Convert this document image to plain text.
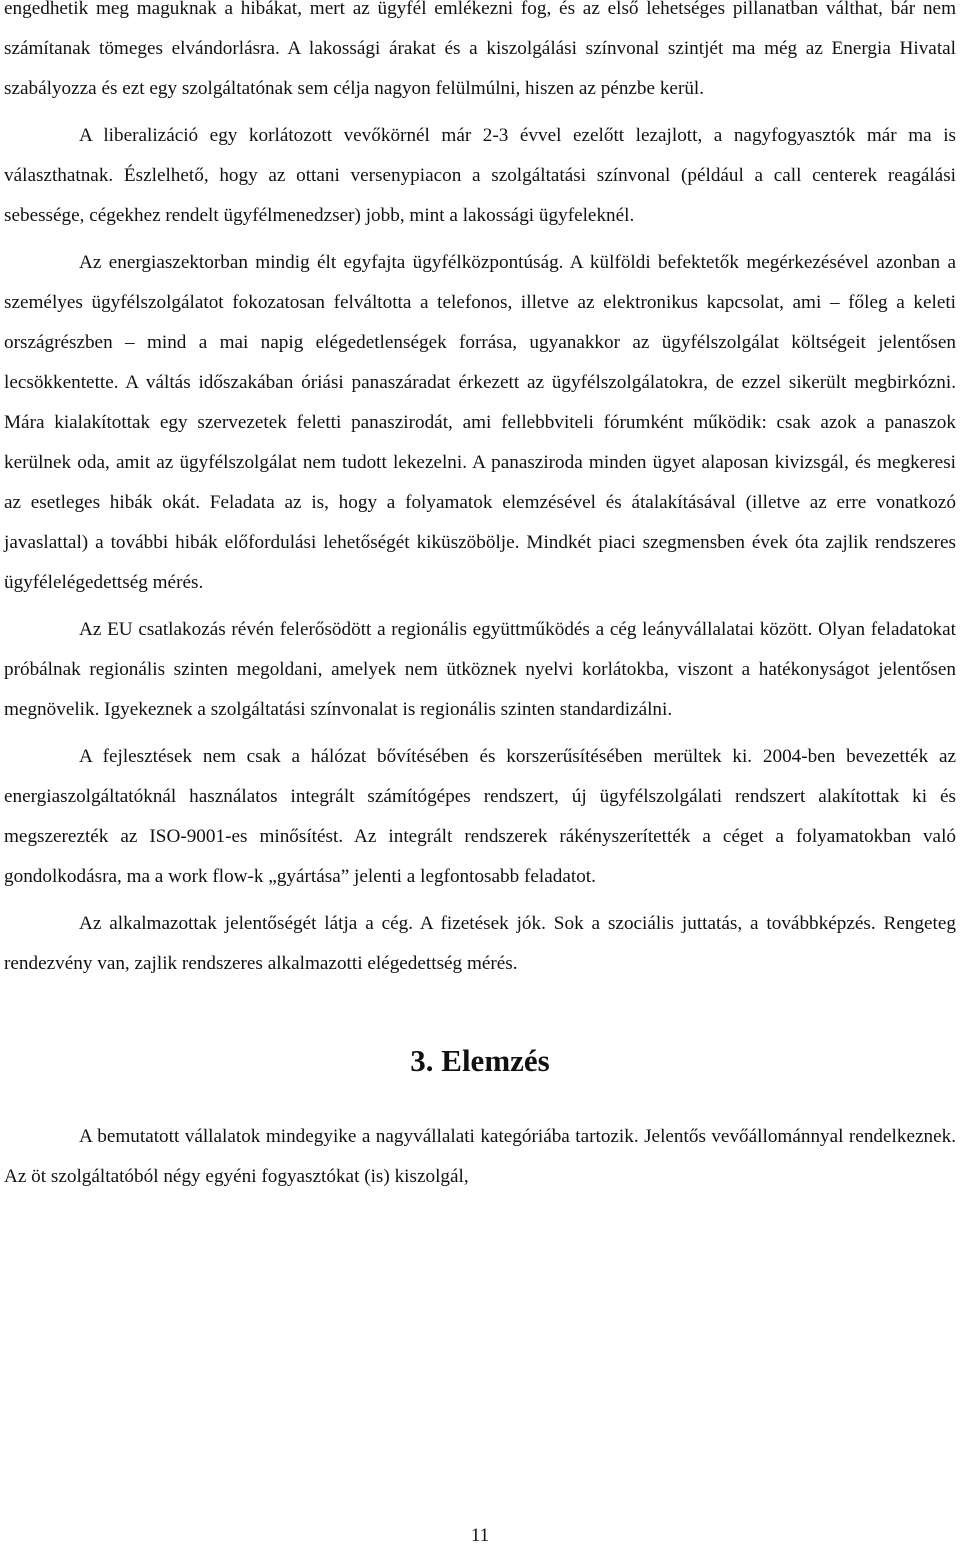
engedhetik meg maguknak a hibákat, mert az ügyfél emlékezni fog, és az első lehetséges pillanatban válthat, bár nem számítanak tömeges elvándorlásra. A lakossági árakat és a kiszolgálási színvonal szintjét ma még az Energia Hivatal szabályozza és ezt egy szolgáltatónak sem célja nagyon felülmúlni, hiszen az pénzbe kerül.

A liberalizáció egy korlátozott vevőkörnél már 2-3 évvel ezelőtt lezajlott, a nagyfogyasztók már ma is választhatnak. Észlelhető, hogy az ottani versenypiacon a szolgáltatási színvonal (például a call centerek reagálási sebessége, cégekhez rendelt ügyfélmenedzser) jobb, mint a lakossági ügyfeleknél.

Az energiaszektorban mindig élt egyfajta ügyfélközpontúság. A külföldi befektetők megérkezésével azonban a személyes ügyfélszolgálatot fokozatosan felváltotta a telefonos, illetve az elektronikus kapcsolat, ami – főleg a keleti országrészben – mind a mai napig elégedetlenségek forrása, ugyanakkor az ügyfélszolgálat költségeit jelentősen lecsökkentette. A váltás időszakában óriási panaszáradat érkezett az ügyfélszolgálatokra, de ezzel sikerült megbirkózni. Mára kialakítottak egy szervezetek feletti panaszirodát, ami fellebbviteli fórumként működik: csak azok a panaszok kerülnek oda, amit az ügyfélszolgálat nem tudott lekezelni. A panasziroda minden ügyet alaposan kivizsgál, és megkeresi az esetleges hibák okát. Feladata az is, hogy a folyamatok elemzésével és átalakításával (illetve az erre vonatkozó javaslattal) a további hibák előfordulási lehetőségét kiküszöbölje. Mindkét piaci szegmensben évek óta zajlik rendszeres ügyfélelégedettség mérés.

Az EU csatlakozás révén felerősödött a regionális együttműködés a cég leányvállalatai között. Olyan feladatokat próbálnak regionális szinten megoldani, amelyek nem ütköznek nyelvi korlátokba, viszont a hatékonyságot jelentősen megnövelik. Igyekeznek a szolgáltatási színvonalat is regionális szinten standardizálni.

A fejlesztések nem csak a hálózat bővítésében és korszerűsítésében merültek ki. 2004-ben bevezették az energiaszolgáltatóknál használatos integrált számítógépes rendszert, új ügyfélszolgálati rendszert alakítottak ki és megszerezték az ISO-9001-es minősítést. Az integrált rendszerek rákényszerítették a céget a folyamatokban való gondolkodásra, ma a work flow-k „gyártása” jelenti a legfontosabb feladatot.

Az alkalmazottak jelentőségét látja a cég. A fizetések jók. Sok a szociális juttatás, a továbbképzés. Rengeteg rendezvény van, zajlik rendszeres alkalmazotti elégedettség mérés.

3. Elemzés

A bemutatott vállalatok mindegyike a nagyvállalati kategóriába tartozik. Jelentős vevőállománnyal rendelkeznek. Az öt szolgáltatóból négy egyéni fogyasztókat (is) kiszolgál,

11
